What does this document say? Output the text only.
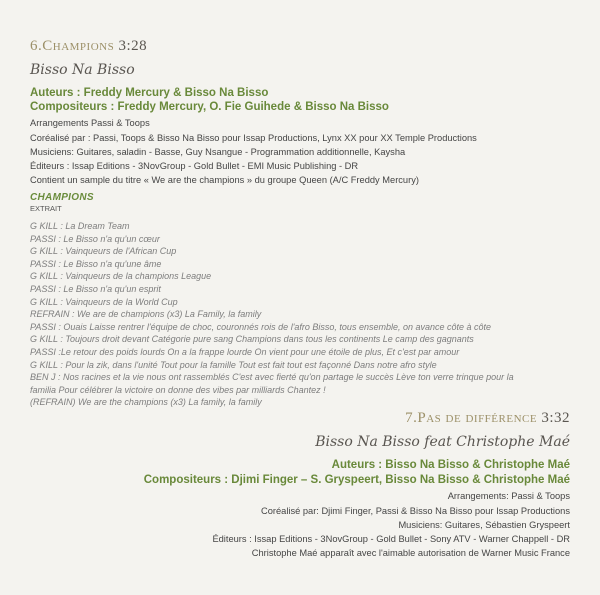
6.Champions 3:28
Bisso Na Bisso
Auteurs : Freddy Mercury & Bisso Na Bisso
Compositeurs : Freddy Mercury, O. Fie Guihede & Bisso Na Bisso
Arrangements Passi & Toops
Coréalisé par : Passi, Toops & Bisso Na Bisso pour Issap Productions, Lynx XX pour XX Temple Productions
Musiciens: Guitares, saladin - Basse, Guy Nsangue - Programmation additionnelle, Kaysha
Éditeurs : Issap Editions - 3NovGroup - Gold Bullet - EMI Music Publishing - DR
Contient un sample du titre « We are the champions » du groupe Queen (A/C Freddy Mercury)
CHAMPIONS
EXTRAIT
G KILL : La Dream Team
PASSI : Le Bisso n'a qu'un cœur
G KILL : Vainqueurs de l'African Cup
PASSI : Le Bisso n'a qu'une âme
G KILL : Vainqueurs de la champions League
PASSI : Le Bisso n'a qu'un esprit
G KILL : Vainqueurs de la World Cup
REFRAIN : We are de champions (x3) La Family, la family
PASSI : Ouais Laisse rentrer l'équipe de choc, couronnés rois de l'afro Bisso, tous ensemble, on avance côte à côte
G KILL : Toujours droit devant Catégorie pure sang Champions dans tous les continents Le camp des gagnants
PASSI :Le retour des poids lourds On a la frappe lourde On vient pour une étoile de plus, Et c'est par amour
G KILL : Pour la zik, dans l'unité Tout pour la famille Tout est fait tout est façonné Dans notre afro style
BEN J : Nos racines et la vie nous ont rassemblés C'est avec fierté qu'on partage le succès Lève ton verre trinque pour la
familia Pour célébrer la victoire on donne des vibes par milliards Chantez !
(REFRAIN) We are the champions (x3) La family, la family
7.Pas de différence 3:32
Bisso Na Bisso feat Christophe Maé
Auteurs : Bisso Na Bisso & Christophe Maé
Compositeurs : Djimi Finger – S. Gryspeert, Bisso Na Bisso & Christophe Maé
Arrangements: Passi & Toops
Coréalisé par: Djimi Finger, Passi & Bisso Na Bisso pour Issap Productions
Musiciens: Guitares, Sébastien Gryspeert
Éditeurs : Issap Editions - 3NovGroup - Gold Bullet - Sony ATV - Warner Chappell - DR
Christophe Maé apparaît avec l'aimable autorisation de Warner Music France
